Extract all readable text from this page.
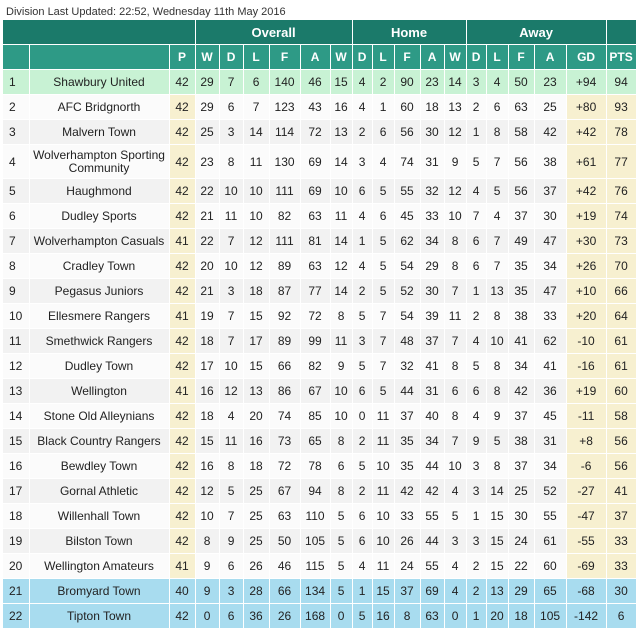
Division Last Updated: 22:52, Wednesday 11th May 2016
			Overall						Home					Away					
		P	W	D	L	F	A	W	D	L	F	A	W	D	L	F	A	GD	PTS
1	Shawbury United	42	29	7	6	140	46	15	4	2	90	23	14	3	4	50	23	+94	94
2	AFC Bridgnorth	42	29	6	7	123	43	16	4	1	60	18	13	2	6	63	25	+80	93
3	Malvern Town	42	25	3	14	114	72	13	2	6	56	30	12	1	8	58	42	+42	78
4	Wolverhampton Sporting Community	42	23	8	11	130	69	14	3	4	74	31	9	5	7	56	38	+61	77
5	Haughmond	42	22	10	10	111	69	10	6	5	55	32	12	4	5	56	37	+42	76
6	Dudley Sports	42	21	11	10	82	63	11	4	6	45	33	10	7	4	37	30	+19	74
7	Wolverhampton Casuals	41	22	7	12	111	81	14	1	5	62	34	8	6	7	49	47	+30	73
8	Cradley Town	42	20	10	12	89	63	12	4	5	54	29	8	6	7	35	34	+26	70
9	Pegasus Juniors	42	21	3	18	87	77	14	2	5	52	30	7	1	13	35	47	+10	66
10	Ellesmere Rangers	41	19	7	15	92	72	8	5	7	54	39	11	2	8	38	33	+20	64
11	Smethwick Rangers	42	18	7	17	89	99	11	3	7	48	37	7	4	10	41	62	-10	61
12	Dudley Town	42	17	10	15	66	82	9	5	7	32	41	8	5	8	34	41	-16	61
13	Wellington	41	16	12	13	86	67	10	6	5	44	31	6	6	8	42	36	+19	60
14	Stone Old Alleynians	42	18	4	20	74	85	10	0	11	37	40	8	4	9	37	45	-11	58
15	Black Country Rangers	42	15	11	16	73	65	8	2	11	35	34	7	9	5	38	31	+8	56
16	Bewdley Town	42	16	8	18	72	78	6	5	10	35	44	10	3	8	37	34	-6	56
17	Gornal Athletic	42	12	5	25	67	94	8	2	11	42	42	4	3	14	25	52	-27	41
18	Willenhall Town	42	10	7	25	63	110	5	6	10	33	55	5	1	15	30	55	-47	37
19	Bilston Town	42	8	9	25	50	105	5	6	10	26	44	3	3	15	24	61	-55	33
20	Wellington Amateurs	41	9	6	26	46	115	5	4	11	24	55	4	2	15	22	60	-69	33
21	Bromyard Town	40	9	3	28	66	134	5	1	15	37	69	4	2	13	29	65	-68	30
22	Tipton Town	42	0	6	36	26	168	0	5	16	8	63	0	1	20	18	105	-142	6
